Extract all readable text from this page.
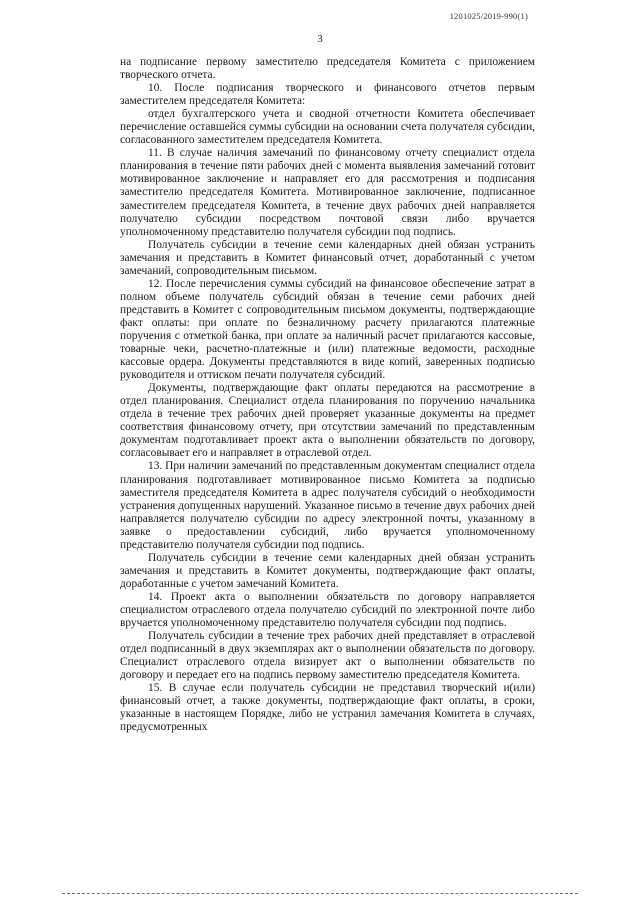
1201025/2019-990(1)
3

на подписание первому заместителю председателя Комитета с приложением творческого отчета.

10. После подписания творческого и финансового отчетов первым заместителем председателя Комитета:

отдел бухгалтерского учета и сводной отчетности Комитета обеспечивает перечисление оставшейся суммы субсидии на основании счета получателя субсидии, согласованного заместителем председателя Комитета.

11. В случае наличия замечаний по финансовому отчету специалист отдела планирования в течение пяти рабочих дней с момента выявления замечаний готовит мотивированное заключение и направляет его для рассмотрения и подписания заместителю председателя Комитета. Мотивированное заключение, подписанное заместителем председателя Комитета, в течение двух рабочих дней направляется получателю субсидии посредством почтовой связи либо вручается уполномоченному представителю получателя субсидии под подпись.

Получатель субсидии в течение семи календарных дней обязан устранить замечания и представить в Комитет финансовый отчет, доработанный с учетом замечаний, сопроводительным письмом.

12. После перечисления суммы субсидий на финансовое обеспечение затрат в полном объеме получатель субсидий обязан в течение семи рабочих дней представить в Комитет с сопроводительным письмом документы, подтверждающие факт оплаты: при оплате по безналичному расчету прилагаются платежные поручения с отметкой банка, при оплате за наличный расчет прилагаются кассовые, товарные чеки, расчетно-платежные и (или) платежные ведомости, расходные кассовые ордера. Документы представляются в виде копий, заверенных подписью руководителя и оттиском печати получателя субсидий.

Документы, подтверждающие факт оплаты передаются на рассмотрение в отдел планирования. Специалист отдела планирования по поручению начальника отдела в течение трех рабочих дней проверяет указанные документы на предмет соответствия финансовому отчету, при отсутствии замечаний по представленным документам подготавливает проект акта о выполнении обязательств по договору, согласовывает его и направляет в отраслевой отдел.

13. При наличии замечаний по представленным документам специалист отдела планирования подготавливает мотивированное письмо Комитета за подписью заместителя председателя Комитета в адрес получателя субсидий о необходимости устранения допущенных нарушений. Указанное письмо в течение двух рабочих дней направляется получателю субсидии по адресу электронной почты, указанному в заявке о предоставлении субсидий, либо вручается уполномоченному представителю получателя субсидии под подпись.

Получатель субсидии в течение семи календарных дней обязан устранить замечания и представить в Комитет документы, подтверждающие факт оплаты, доработанные с учетом замечаний Комитета.

14. Проект акта о выполнении обязательств по договору направляется специалистом отраслевого отдела получателю субсидий по электронной почте либо вручается уполномоченному представителю получателя субсидии под подпись.

Получатель субсидии в течение трех рабочих дней представляет в отраслевой отдел подписанный в двух экземплярах акт о выполнении обязательств по договору. Специалист отраслевого отдела визирует акт о выполнении обязательств по договору и передает его на подпись первому заместителю председателя Комитета.

15. В случае если получатель субсидии не представил творческий и(или) финансовый отчет, а также документы, подтверждающие факт оплаты, в сроки, указанные в настоящем Порядке, либо не устранил замечания Комитета в случаях, предусмотренных
